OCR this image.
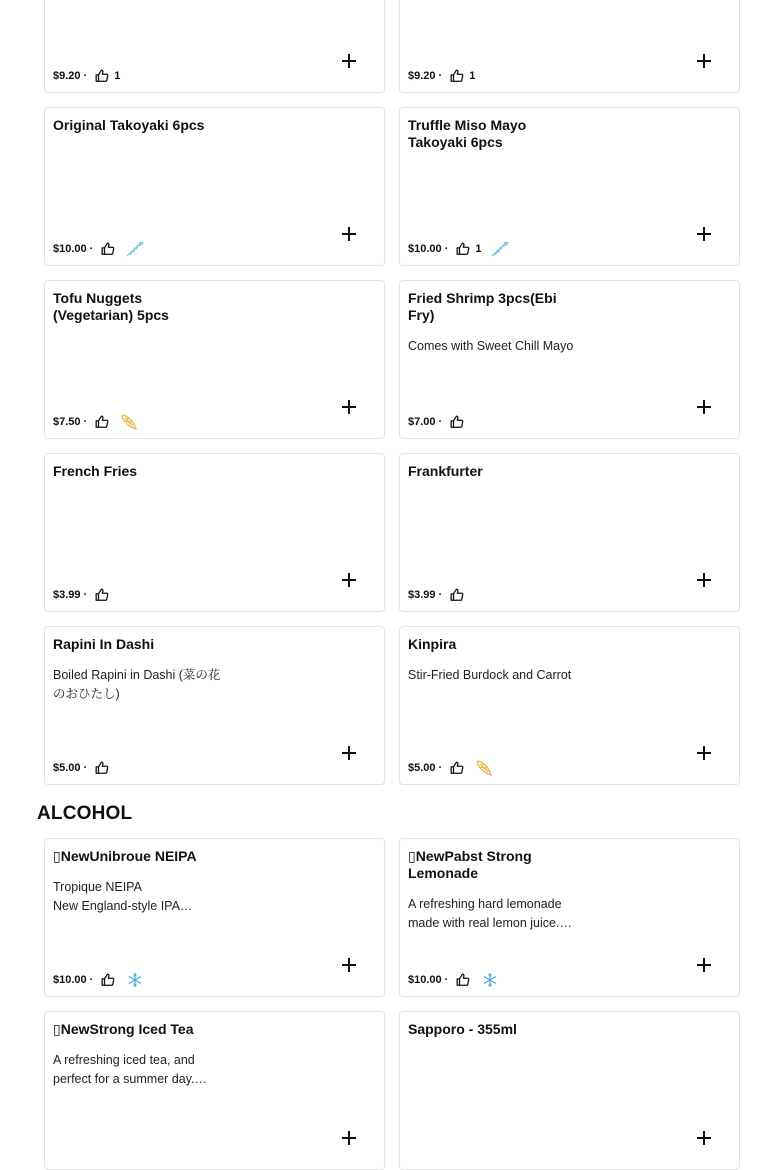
$9.20 · 1	$9.20 · 1
Original Takoyaki 6pcs
$10.00 ·
Truffle Miso Mayo Takoyaki 6pcs
$10.00 · 1
Tofu Nuggets (Vegetarian) 5pcs
$7.50 ·
Fried Shrimp 3pcs(Ebi Fry)
Comes with Sweet Chill Mayo
$7.00 ·
French Fries
$3.99 ·
Frankfurter
$3.99 ·
Rapini In Dashi
Boiled Rapini in Dashi (菜の花のおひたし)
$5.00 ·
Kinpira
Stir-Fried Burdock and Carrot
$5.00 ·
ALCOHOL
▯NewUnibroue NEIPA
Tropique NEIPA
New England-style IPA…
$10.00 ·
▯NewPabst Strong Lemonade
A refreshing hard lemonade made with real lemon juice.…
$10.00 ·
▯NewStrong Iced Tea
A refreshing iced tea, and perfect for a summer day.…
Sapporo - 355ml
